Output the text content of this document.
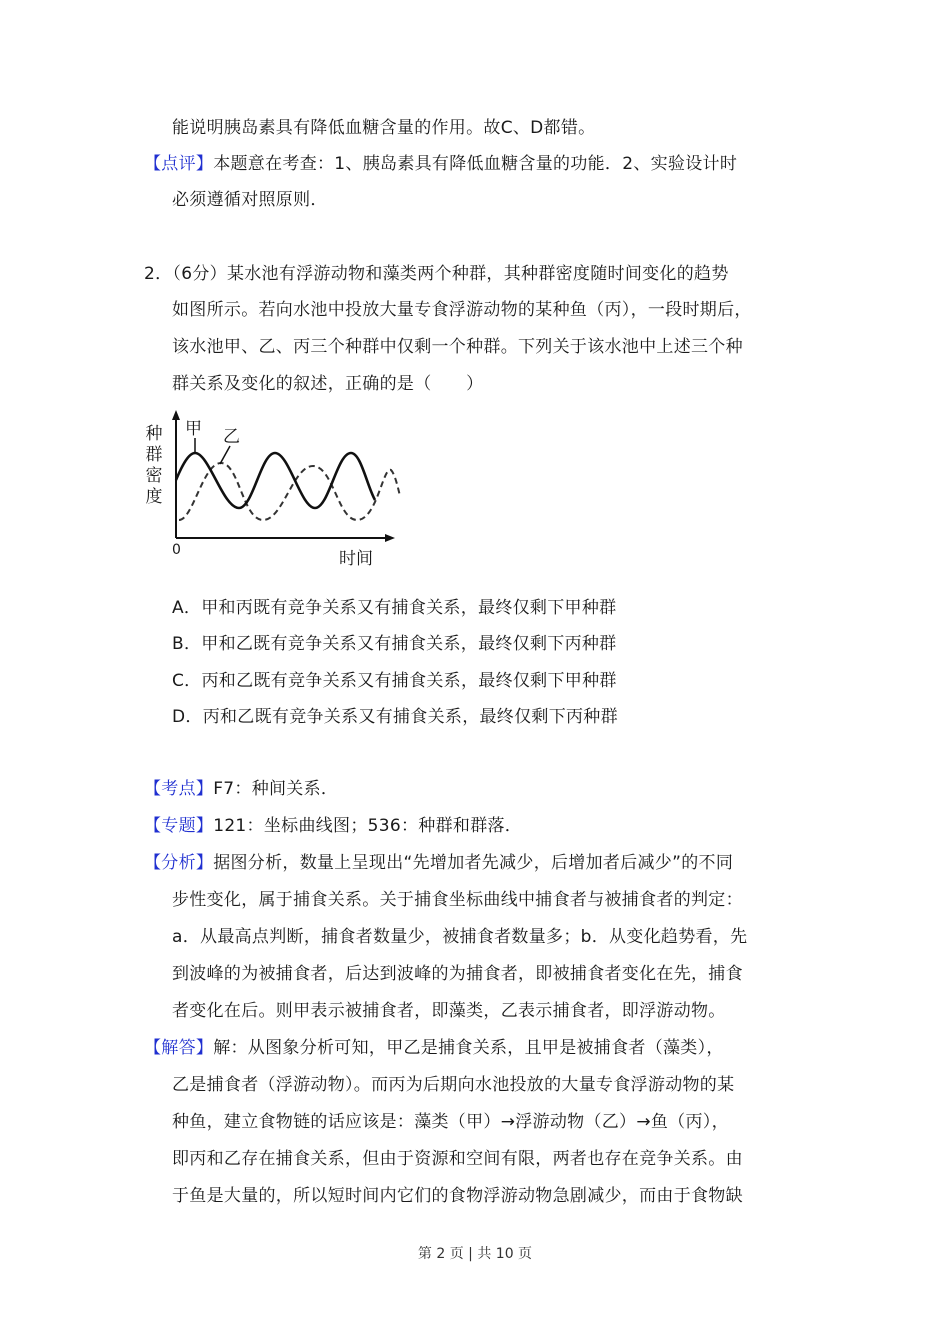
能说明胰岛素具有降低血糖含量的作用。故C、D都错。
【点评】本题意在考查：1、胰岛素具有降低血糖含量的功能．2、实验设计时
必须遵循对照原则．
2．（6分）某水池有浮游动物和藻类两个种群，其种群密度随时间变化的趋势
如图所示。若向水池中投放大量专食浮游动物的某种鱼（丙），一段时期后，
该水池甲、乙、丙三个种群中仅剩一个种群。下列关于该水池中上述三个种
群关系及变化的叙述，正确的是（　　）
种群密度
甲 乙
0	时间
A．甲和丙既有竞争关系又有捕食关系，最终仅剩下甲种群
B．甲和乙既有竞争关系又有捕食关系，最终仅剩下丙种群
C．丙和乙既有竞争关系又有捕食关系，最终仅剩下甲种群
D．丙和乙既有竞争关系又有捕食关系，最终仅剩下丙种群
【考点】F7：种间关系．
【专题】121：坐标曲线图；536：种群和群落．
【分析】据图分析，数量上呈现出“先增加者先减少，后增加者后减少”的不同
步性变化，属于捕食关系。关于捕食坐标曲线中捕食者与被捕食者的判定：
a．从最高点判断，捕食者数量少，被捕食者数量多；b．从变化趋势看，先
到波峰的为被捕食者，后达到波峰的为捕食者，即被捕食者变化在先，捕食
者变化在后。则甲表示被捕食者，即藻类，乙表示捕食者，即浮游动物。
【解答】解：从图象分析可知，甲乙是捕食关系，且甲是被捕食者（藻类），
乙是捕食者（浮游动物）。而丙为后期向水池投放的大量专食浮游动物的某
种鱼，建立食物链的话应该是：藻类（甲）→浮游动物（乙）→鱼（丙），
即丙和乙存在捕食关系，但由于资源和空间有限，两者也存在竞争关系。由
于鱼是大量的，所以短时间内它们的食物浮游动物急剧减少，而由于食物缺
第 2 页 | 共 10 页
